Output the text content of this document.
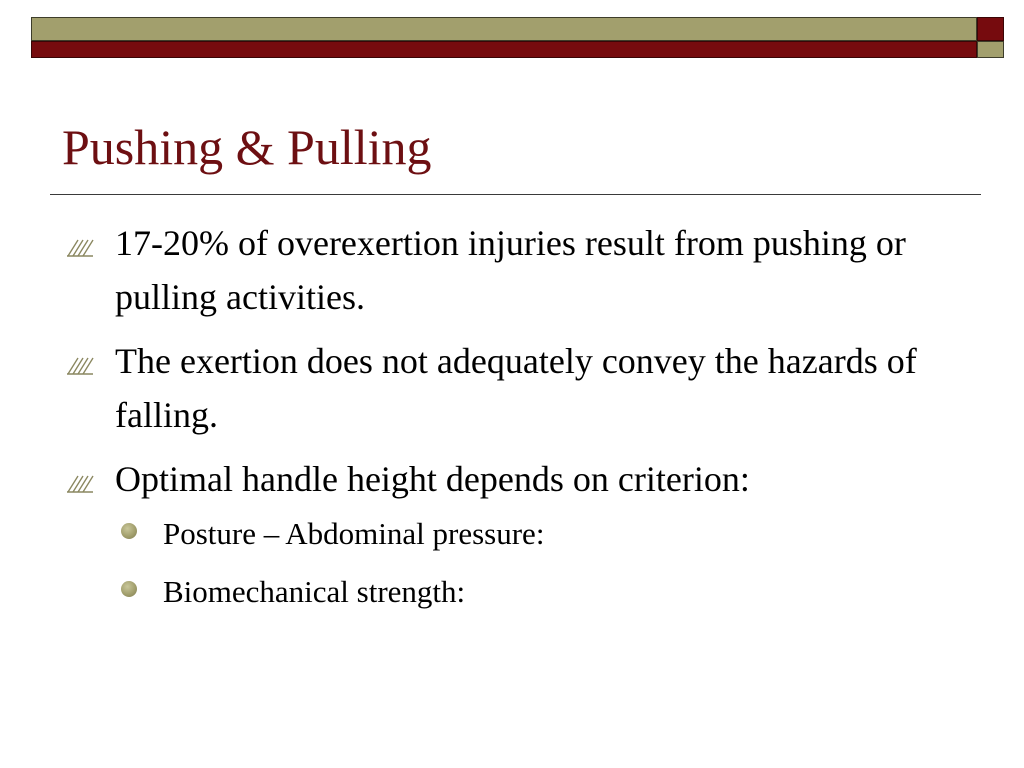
Pushing & Pulling
17-20% of overexertion injuries result from pushing or pulling activities.
The exertion does not adequately convey the hazards of falling.
Optimal handle height depends on criterion:
Posture – Abdominal pressure:
Biomechanical strength:
